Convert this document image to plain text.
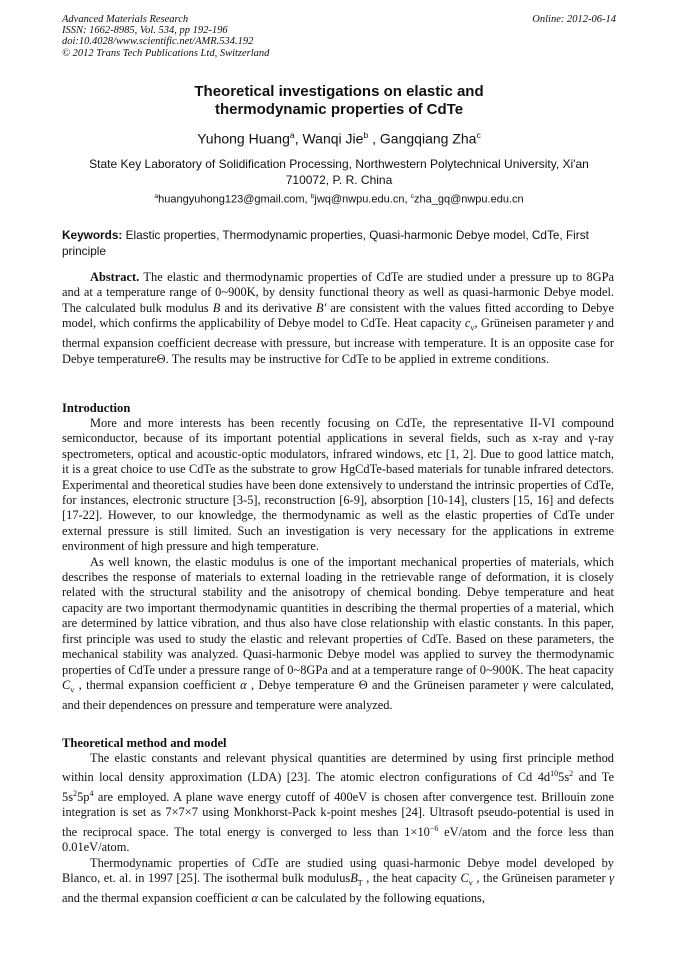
Advanced Materials Research
ISSN: 1662-8985, Vol. 534, pp 192-196
doi:10.4028/www.scientific.net/AMR.534.192
© 2012 Trans Tech Publications Ltd, Switzerland
Online: 2012-06-14
Theoretical investigations on elastic and
thermodynamic properties of CdTe
Yuhong Huang$^a$, Wanqi Jie$^b$ , Gangqiang Zha$^c$
State Key Laboratory of Solidification Processing, Northwestern Polytechnical University, Xi'an
710072, P. R. China
$^a$huangyuhong123@gmail.com, $^b$jwq@nwpu.edu.cn, $^c$zha_gq@nwpu.edu.cn
Keywords: Elastic properties, Thermodynamic properties, Quasi-harmonic Debye model, CdTe, First principle

Abstract. The elastic and thermodynamic properties of CdTe are studied under a pressure up to 8GPa and at a temperature range of 0~900K, by density functional theory as well as quasi-harmonic Debye model. The calculated bulk modulus B and its derivative B′ are consistent with the values fitted according to Debye model, which confirms the applicability of Debye model to CdTe. Heat capacity $c_v$, Grüneisen parameter γ and thermal expansion coefficient decrease with pressure, but increase with temperature. It is an opposite case for Debye temperatureΘ. The results may be instructive for CdTe to be applied in extreme conditions.

Introduction

More and more interests has been recently focusing on CdTe, the representative II-VI compound semiconductor, because of its important potential applications in several fields, such as x-ray and γ-ray spectrometers, optical and acoustic-optic modulators, infrared windows, etc [1, 2]. Due to good lattice match, it is a great choice to use CdTe as the substrate to grow HgCdTe-based materials for tunable infrared detectors. Experimental and theoretical studies have been done extensively to understand the intrinsic properties of CdTe, for instances, electronic structure [3-5], reconstruction [6-9], absorption [10-14], clusters [15, 16] and defects [17-22]. However, to our knowledge, the thermodynamic as well as the elastic properties of CdTe under external pressure is still limited. Such an investigation is very necessary for the applications in extreme environment of high pressure and high temperature.

As well known, the elastic modulus is one of the important mechanical properties of materials, which describes the response of materials to external loading in the retrievable range of deformation, it is closely related with the structural stability and the anisotropy of chemical bonding. Debye temperature and heat capacity are two important thermodynamic quantities in describing the thermal properties of a material, which are determined by lattice vibration, and thus also have close relationship with elastic constants. In this paper, first principle was used to study the elastic and relevant properties of CdTe. Based on these parameters, the mechanical stability was analyzed. Quasi-harmonic Debye model was applied to survey the thermodynamic properties of CdTe under a pressure range of 0~8GPa and at a temperature range of 0~900K. The heat capacity $C_v$ , thermal expansion coefficient α , Debye temperature Θ and the Grüneisen parameter γ were calculated, and their dependences on pressure and temperature were analyzed.

Theoretical method and model

The elastic constants and relevant physical quantities are determined by using first principle method within local density approximation (LDA) [23]. The atomic electron configurations of Cd $4d^{10}5s^2$ and Te $5s^25p^4$ are employed. A plane wave energy cutoff of 400eV is chosen after convergence test. Brillouin zone integration is set as 7×7×7 using Monkhorst-Pack k-point meshes [24]. Ultrasoft pseudo-potential is used in the reciprocal space. The total energy is converged to less than $1\times 10^{-6}$ eV/atom and the force less than 0.01eV/atom.

Thermodynamic properties of CdTe are studied using quasi-harmonic Debye model developed by Blanco, et. al. in 1997 [25]. The isothermal bulk modulusB$_T$ , the heat capacity $C_v$ , the Grüneisen parameter γ and the thermal expansion coefficient α can be calculated by the following equations,
